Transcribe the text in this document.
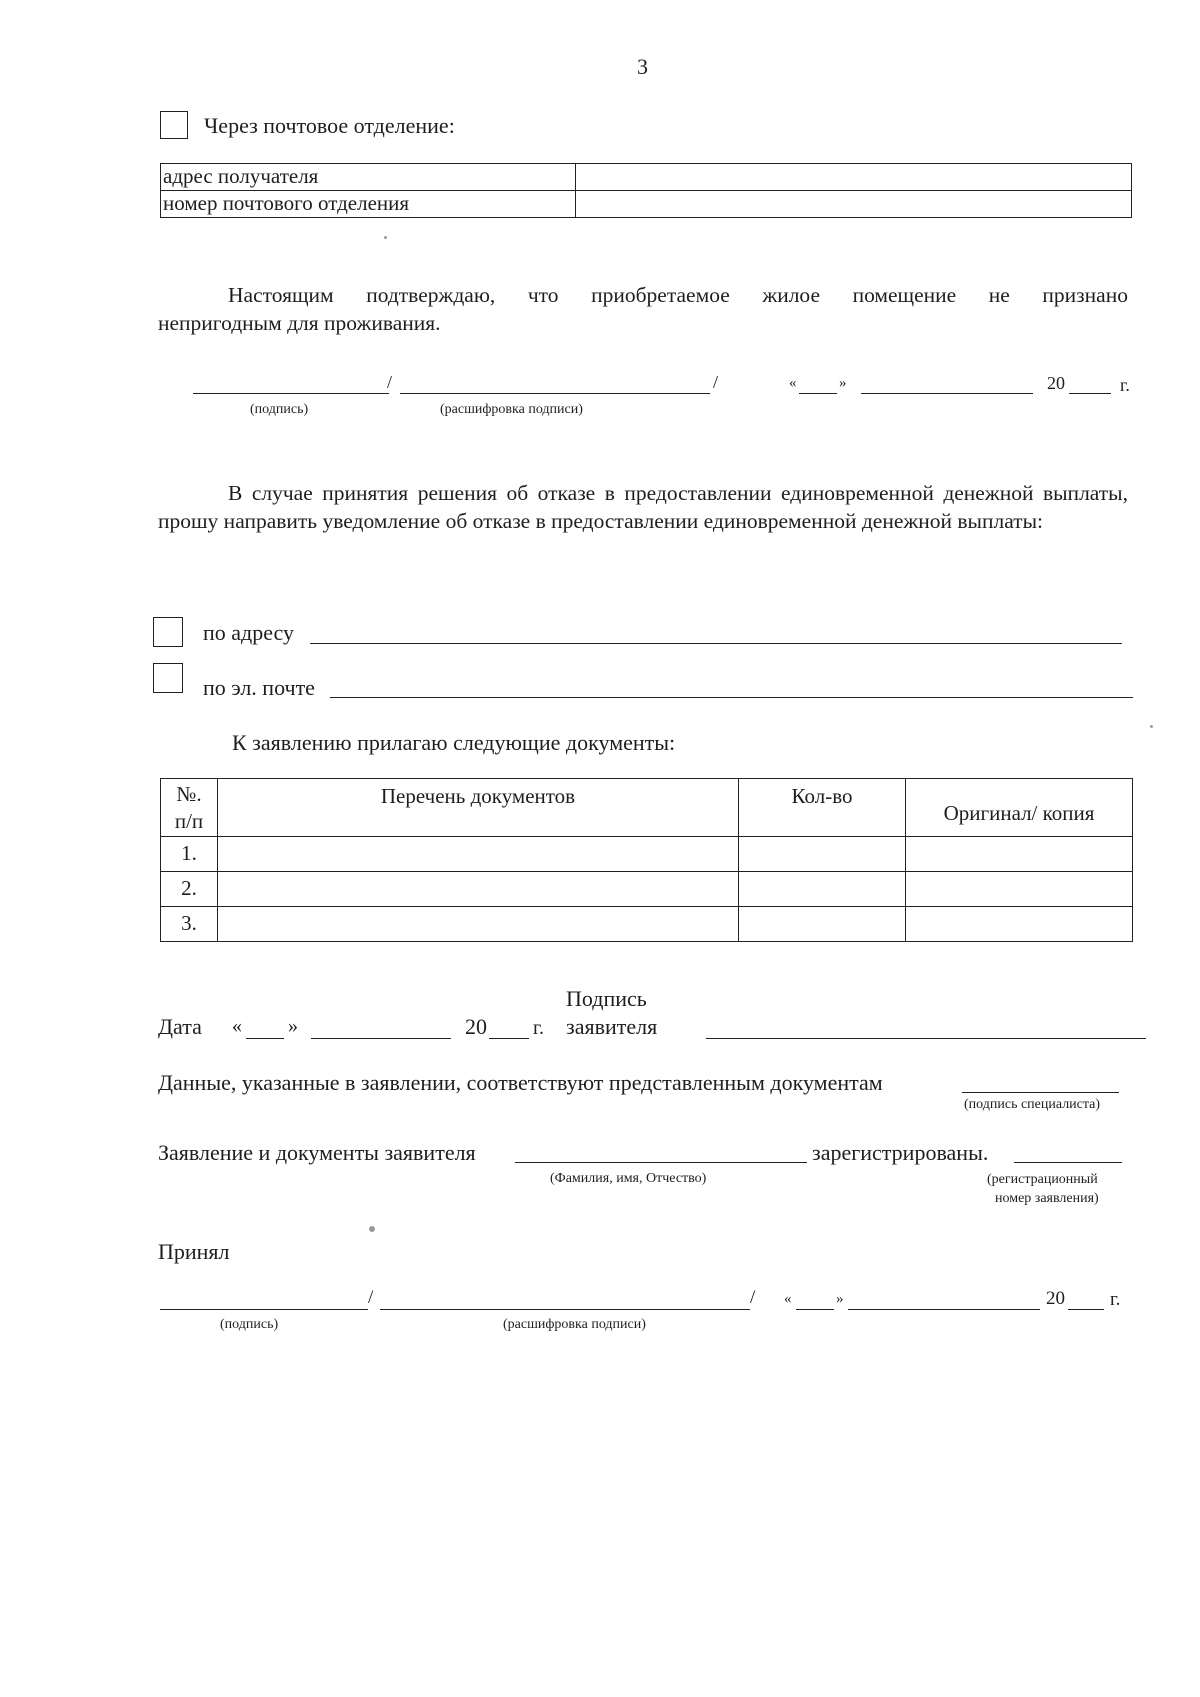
3
Через почтовое отделение:
адрес получателя	
номер почтового отделения	
Настоящим подтверждаю, что приобретаемое жилое помещение не признано
непригодным для проживания.
/	/	«	»	20	г.
(подпись)	(расшифровка подписи)
В случае принятия решения об отказе в предоставлении единовременной денежной выплаты, прошу направить уведомление об отказе в предоставлении единовременной денежной выплаты:
по адресу
по эл. почте
К заявлению прилагаю следующие документы:
№.
п/п	Перечень документов	Кол-во	Оригинал/ копия

1.			
2.			
3.			
Подпись
Дата « »	20 г. заявителя
Данные, указанные в заявлении, соответствуют представленным документам
(подпись специалиста)
Заявление и документы заявителя	зарегистрированы.
(Фамилия, имя, Отчество)	(регистрационный
номер заявления)
Принял
/	/ «	»	20 г.
(подпись)	(расшифровка подписи)
